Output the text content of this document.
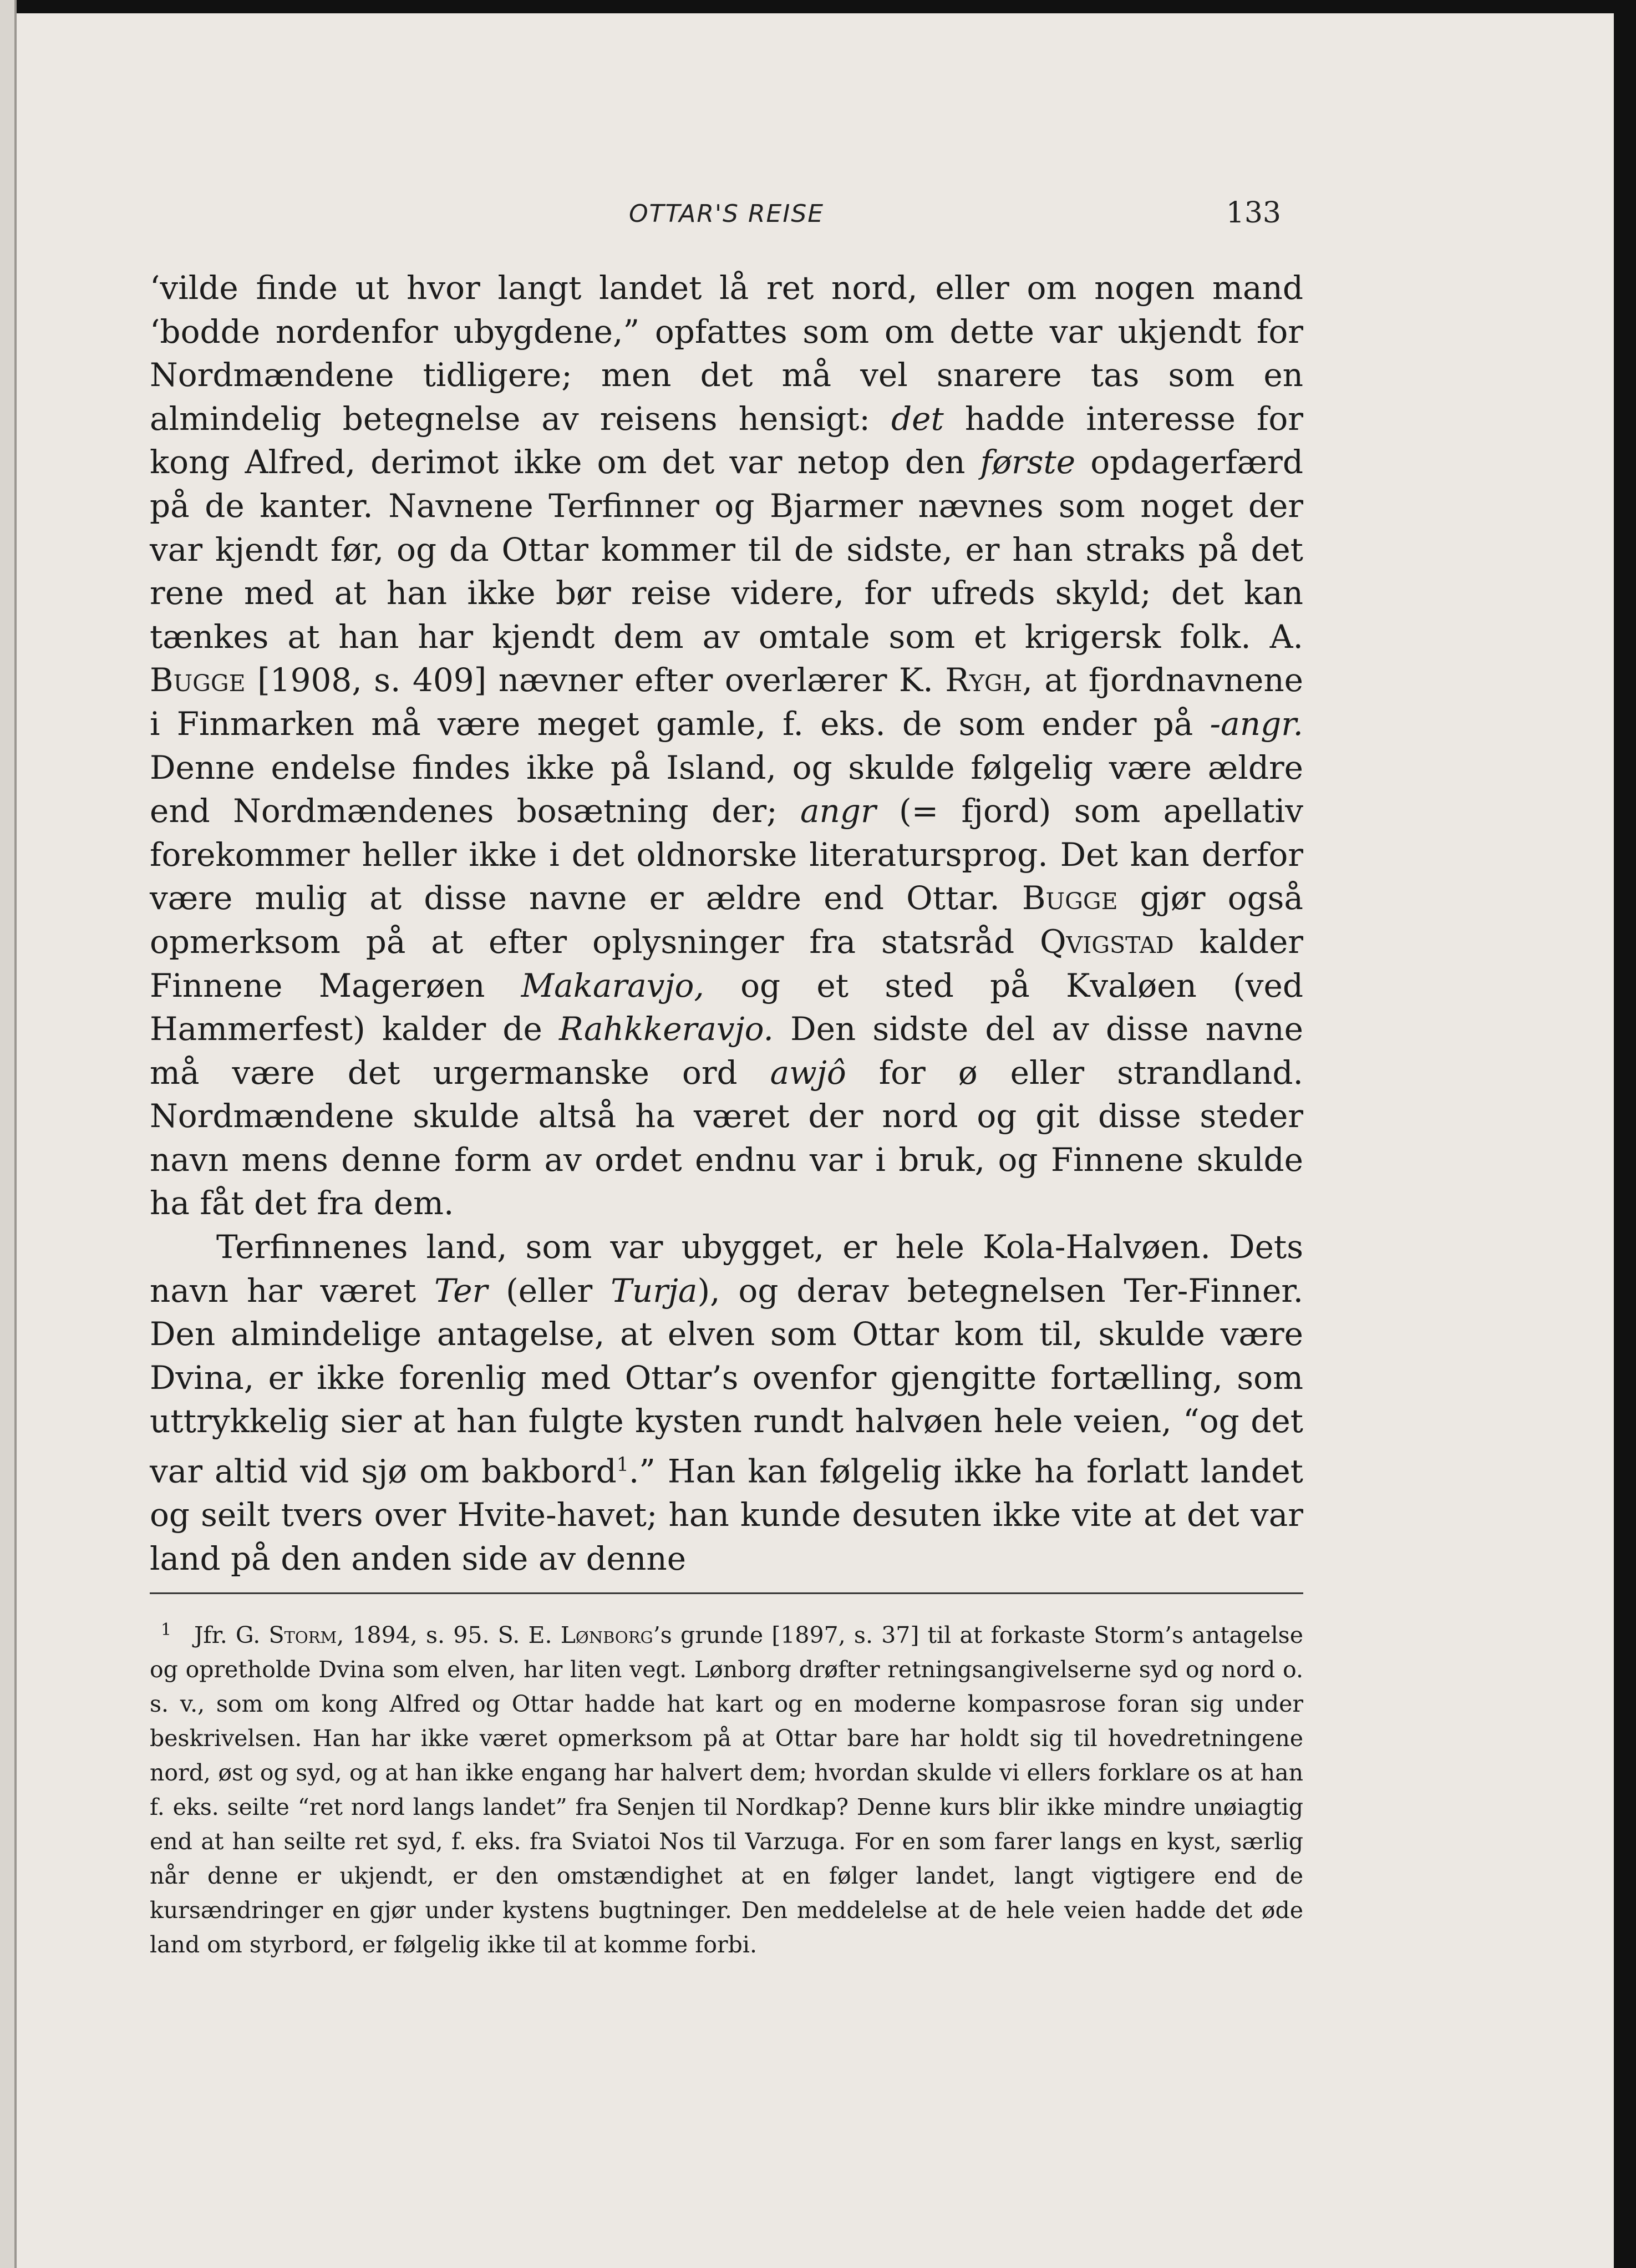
OTTAR'S REISE	133

‘vilde finde ut hvor langt landet lå ret nord, eller om nogen mand ‘bodde nordenfor ubygdene,” opfattes som om dette var ukjendt for Nordmændene tidligere; men det må vel snarere tas som en almindelig betegnelse av reisens hensigt: det hadde interesse for kong Alfred, derimot ikke om det var netop den første opdagerfærd på de kanter. Navnene Terfinner og Bjarmer nævnes som noget der var kjendt før, og da Ottar kommer til de sidste, er han straks på det rene med at han ikke bør reise videre, for ufreds skyld; det kan tænkes at han har kjendt dem av omtale som et krigersk folk. A. Bugge [1908, s. 409] nævner efter overlærer K. Rygh, at fjordnavnene i Finmarken må være meget gamle, f. eks. de som ender på -angr. Denne endelse findes ikke på Island, og skulde følgelig være ældre end Nordmændenes bosætning der; angr (= fjord) som apellativ forekommer heller ikke i det oldnorske literatursprog. Det kan derfor være mulig at disse navne er ældre end Ottar. Bugge gjør også opmerksom på at efter oplysninger fra statsråd Qvigstad kalder Finnene Magerøen Makaravjo, og et sted på Kvaløen (ved Hammerfest) kalder de Rahkkeravjo. Den sidste del av disse navne må være det urgermanske ord awjô for ø eller strandland. Nordmændene skulde altså ha været der nord og git disse steder navn mens denne form av ordet endnu var i bruk, og Finnene skulde ha fåt det fra dem.

Terfinnenes land, som var ubygget, er hele Kola-Halvøen. Dets navn har været Ter (eller Turja), og derav betegnelsen Ter-Finner. Den almindelige antagelse, at elven som Ottar kom til, skulde være Dvina, er ikke forenlig med Ottar’s ovenfor gjengitte fortælling, som uttrykkelig sier at han fulgte kysten rundt halvøen hele veien, “og det var altid vid sjø om bakbord$^1$.” Han kan følgelig ikke ha forlatt landet og seilt tvers over Hvite-havet; han kunde desuten ikke vite at det var land på den anden side av denne

1 Jfr. G. Storm, 1894, s. 95. S. E. Lønborg’s grunde [1897, s. 37] til at forkaste Storm’s antagelse og opretholde Dvina som elven, har liten vegt. Lønborg drøfter retningsangivelserne syd og nord o. s. v., som om kong Alfred og Ottar hadde hat kart og en moderne kompasrose foran sig under beskrivelsen. Han har ikke været opmerksom på at Ottar bare har holdt sig til hovedretningene nord, øst og syd, og at han ikke engang har halvert dem; hvordan skulde vi ellers forklare os at han f. eks. seilte “ret nord langs landet” fra Senjen til Nordkap? Denne kurs blir ikke mindre unøiagtig end at han seilte ret syd, f. eks. fra Sviatoi Nos til Varzuga. For en som farer langs en kyst, særlig når denne er ukjendt, er den omstændighet at en følger landet, langt vigtigere end de kursændringer en gjør under kystens bugtninger. Den meddelelse at de hele veien hadde det øde land om styrbord, er følgelig ikke til at komme forbi.
